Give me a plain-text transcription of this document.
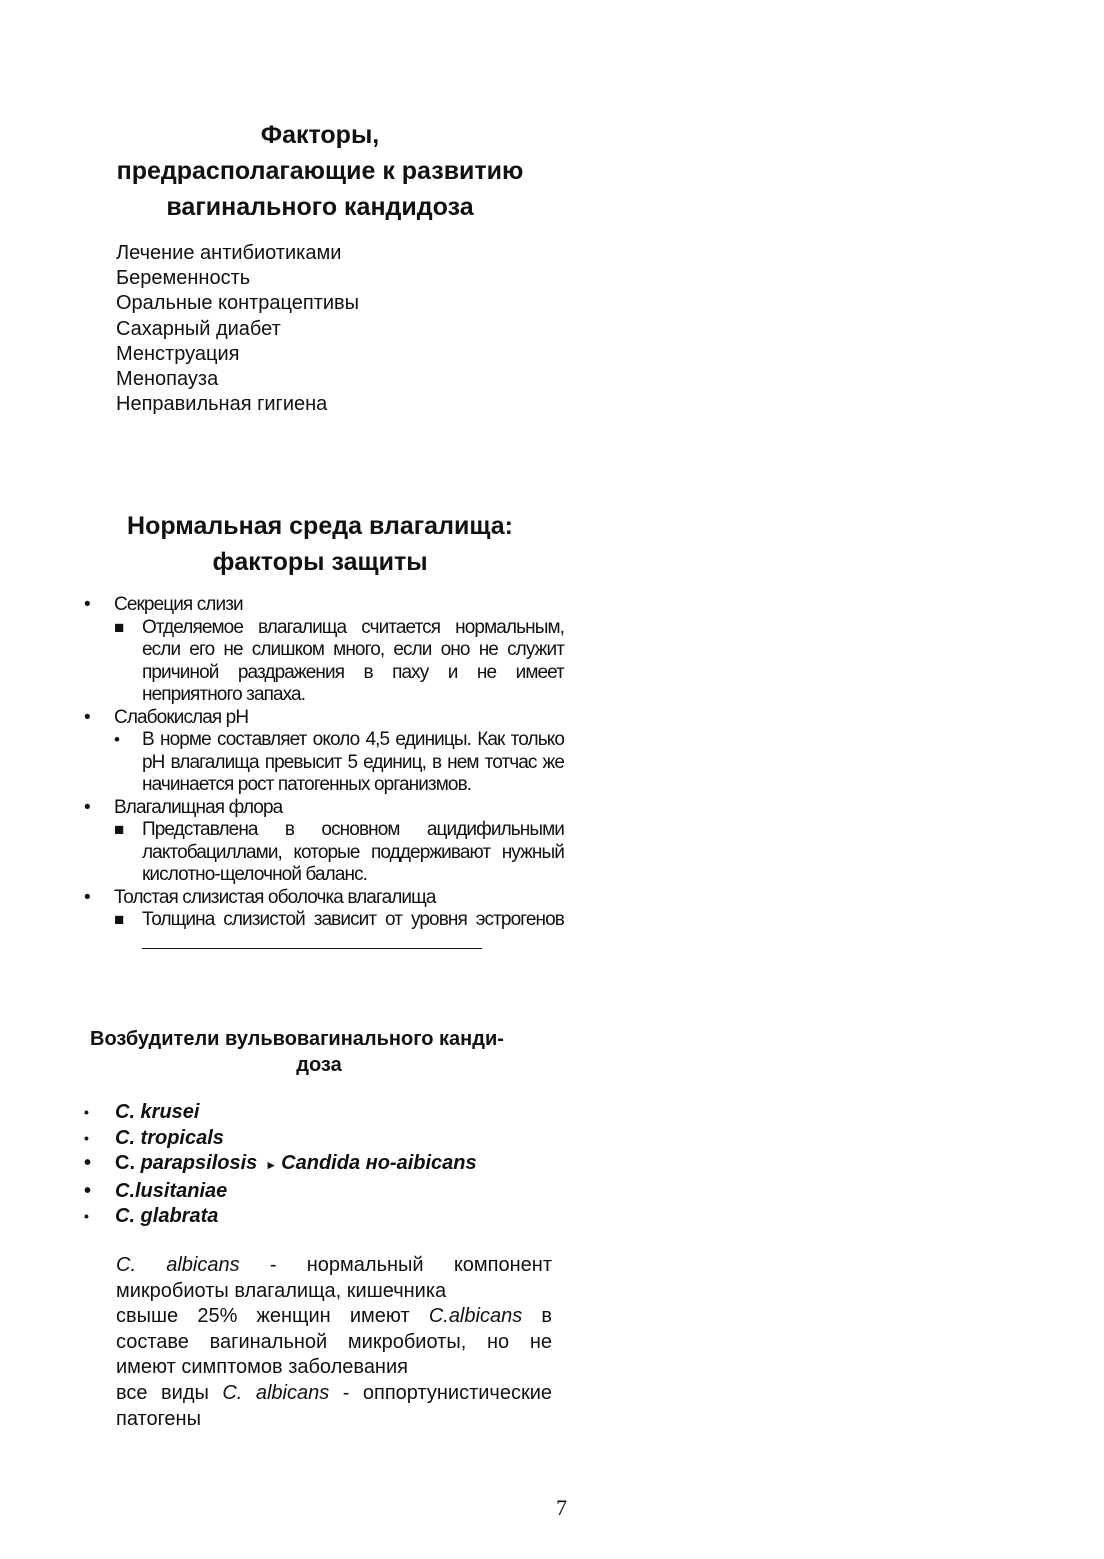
Факторы,
предрасполагающие к развитию
вагинального кандидоза
Лечение антибиотиками
Беременность
Оральные контрацептивы
Сахарный диабет
Менструация
Менопауза
Неправильная гигиена
Нормальная среда влагалища:
факторы защиты
• Секреция слизи
■ Отделяемое влагалища считается нормальным, если его не слишком много, если оно не служит причиной раздражения в паху и не имеет неприятного запаха.
• Слабокислая рН
• В норме составляет около 4,5 единицы. Как только рН влагалища превысит 5 единиц, в нем тотчас же начинается рост патогенных организмов.
• Влагалищная флора
■ Представлена в основном ацидифильными лактобациллами, которые поддерживают нужный кислотно-щелочной баланс.
• Толстая слизистая оболочка влагалища
■ Толщина слизистой зависит от уровня эстрогенов
Возбудители вульвовагинального канди-
доза
• C. krusei
• C. tropicals
• C. parapsilosis ► Candida но-aibicans
• C.lusitaniae
• C. glabrata

C. albicans - нормальный компонент микробиоты влагалища, кишечника

свыше 25% женщин имеют C.albicans в составе вагинальной микробиоты, но не имеют симптомов заболевания

все виды C. albicans - оппортунистические патогены

7
